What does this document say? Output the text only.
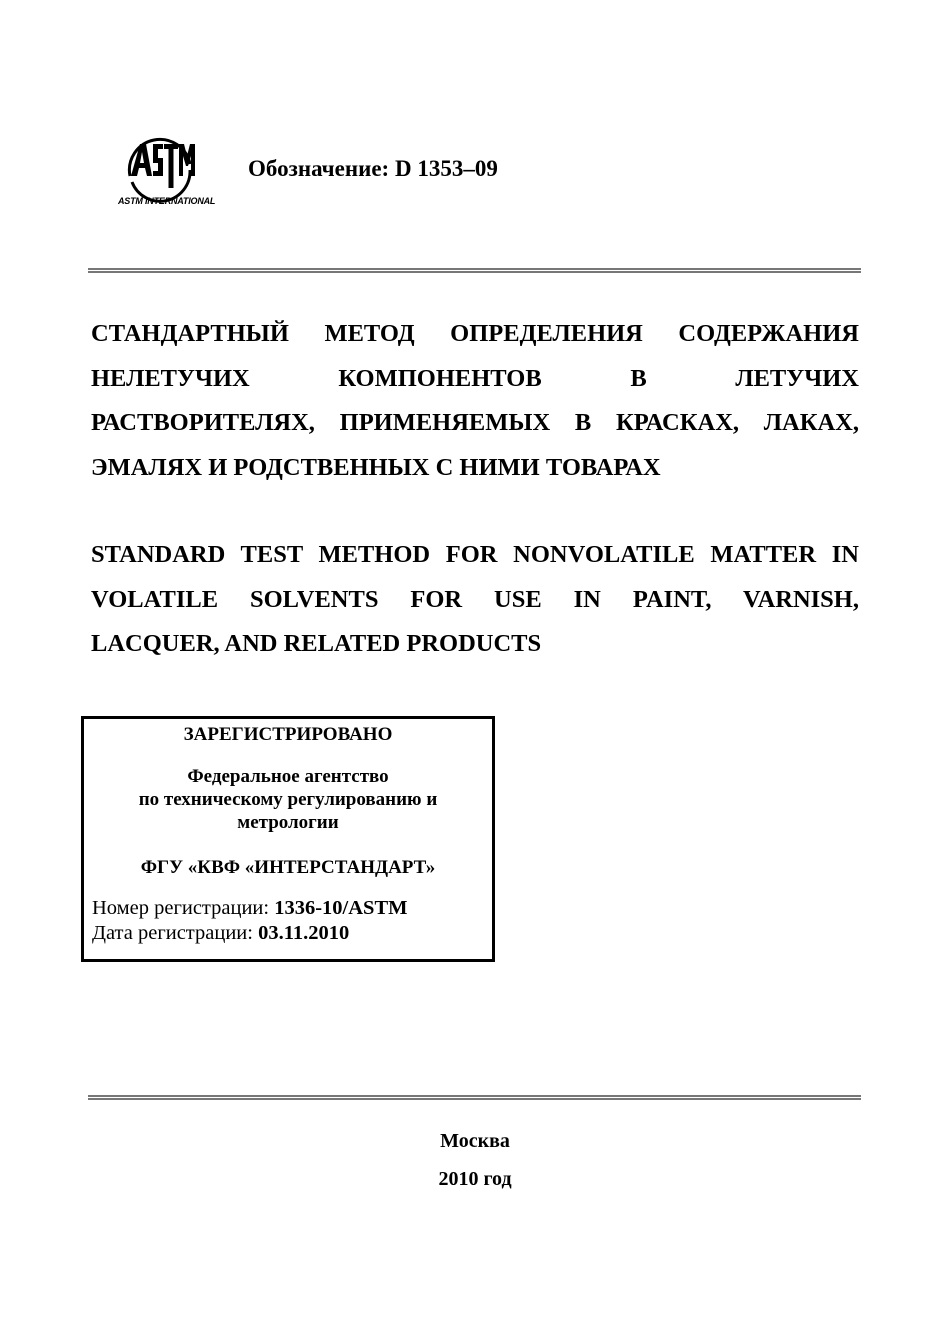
ASTM INTERNATIONAL
Обозначение: D 1353–09
СТАНДАРТНЫЙ МЕТОД ОПРЕДЕЛЕНИЯ СОДЕРЖАНИЯ
НЕЛЕТУЧИХ КОМПОНЕНТОВ В ЛЕТУЧИХ
РАСТВОРИТЕЛЯХ, ПРИМЕНЯЕМЫХ В КРАСКАХ, ЛАКАХ,
ЭМАЛЯХ И РОДСТВЕННЫХ С НИМИ ТОВАРАХ
STANDARD TEST METHOD FOR NONVOLATILE MATTER IN
VOLATILE SOLVENTS FOR USE IN PAINT, VARNISH,
LACQUER, AND RELATED PRODUCTS
ЗАРЕГИСТРИРОВАНО
Федеральное агентство
по техническому регулированию и
метрологии
ФГУ «КВФ «ИНТЕРСТАНДАРТ»
Номер регистрации: 1336-10/ASTM
Дата регистрации: 03.11.2010
Москва
2010 год
